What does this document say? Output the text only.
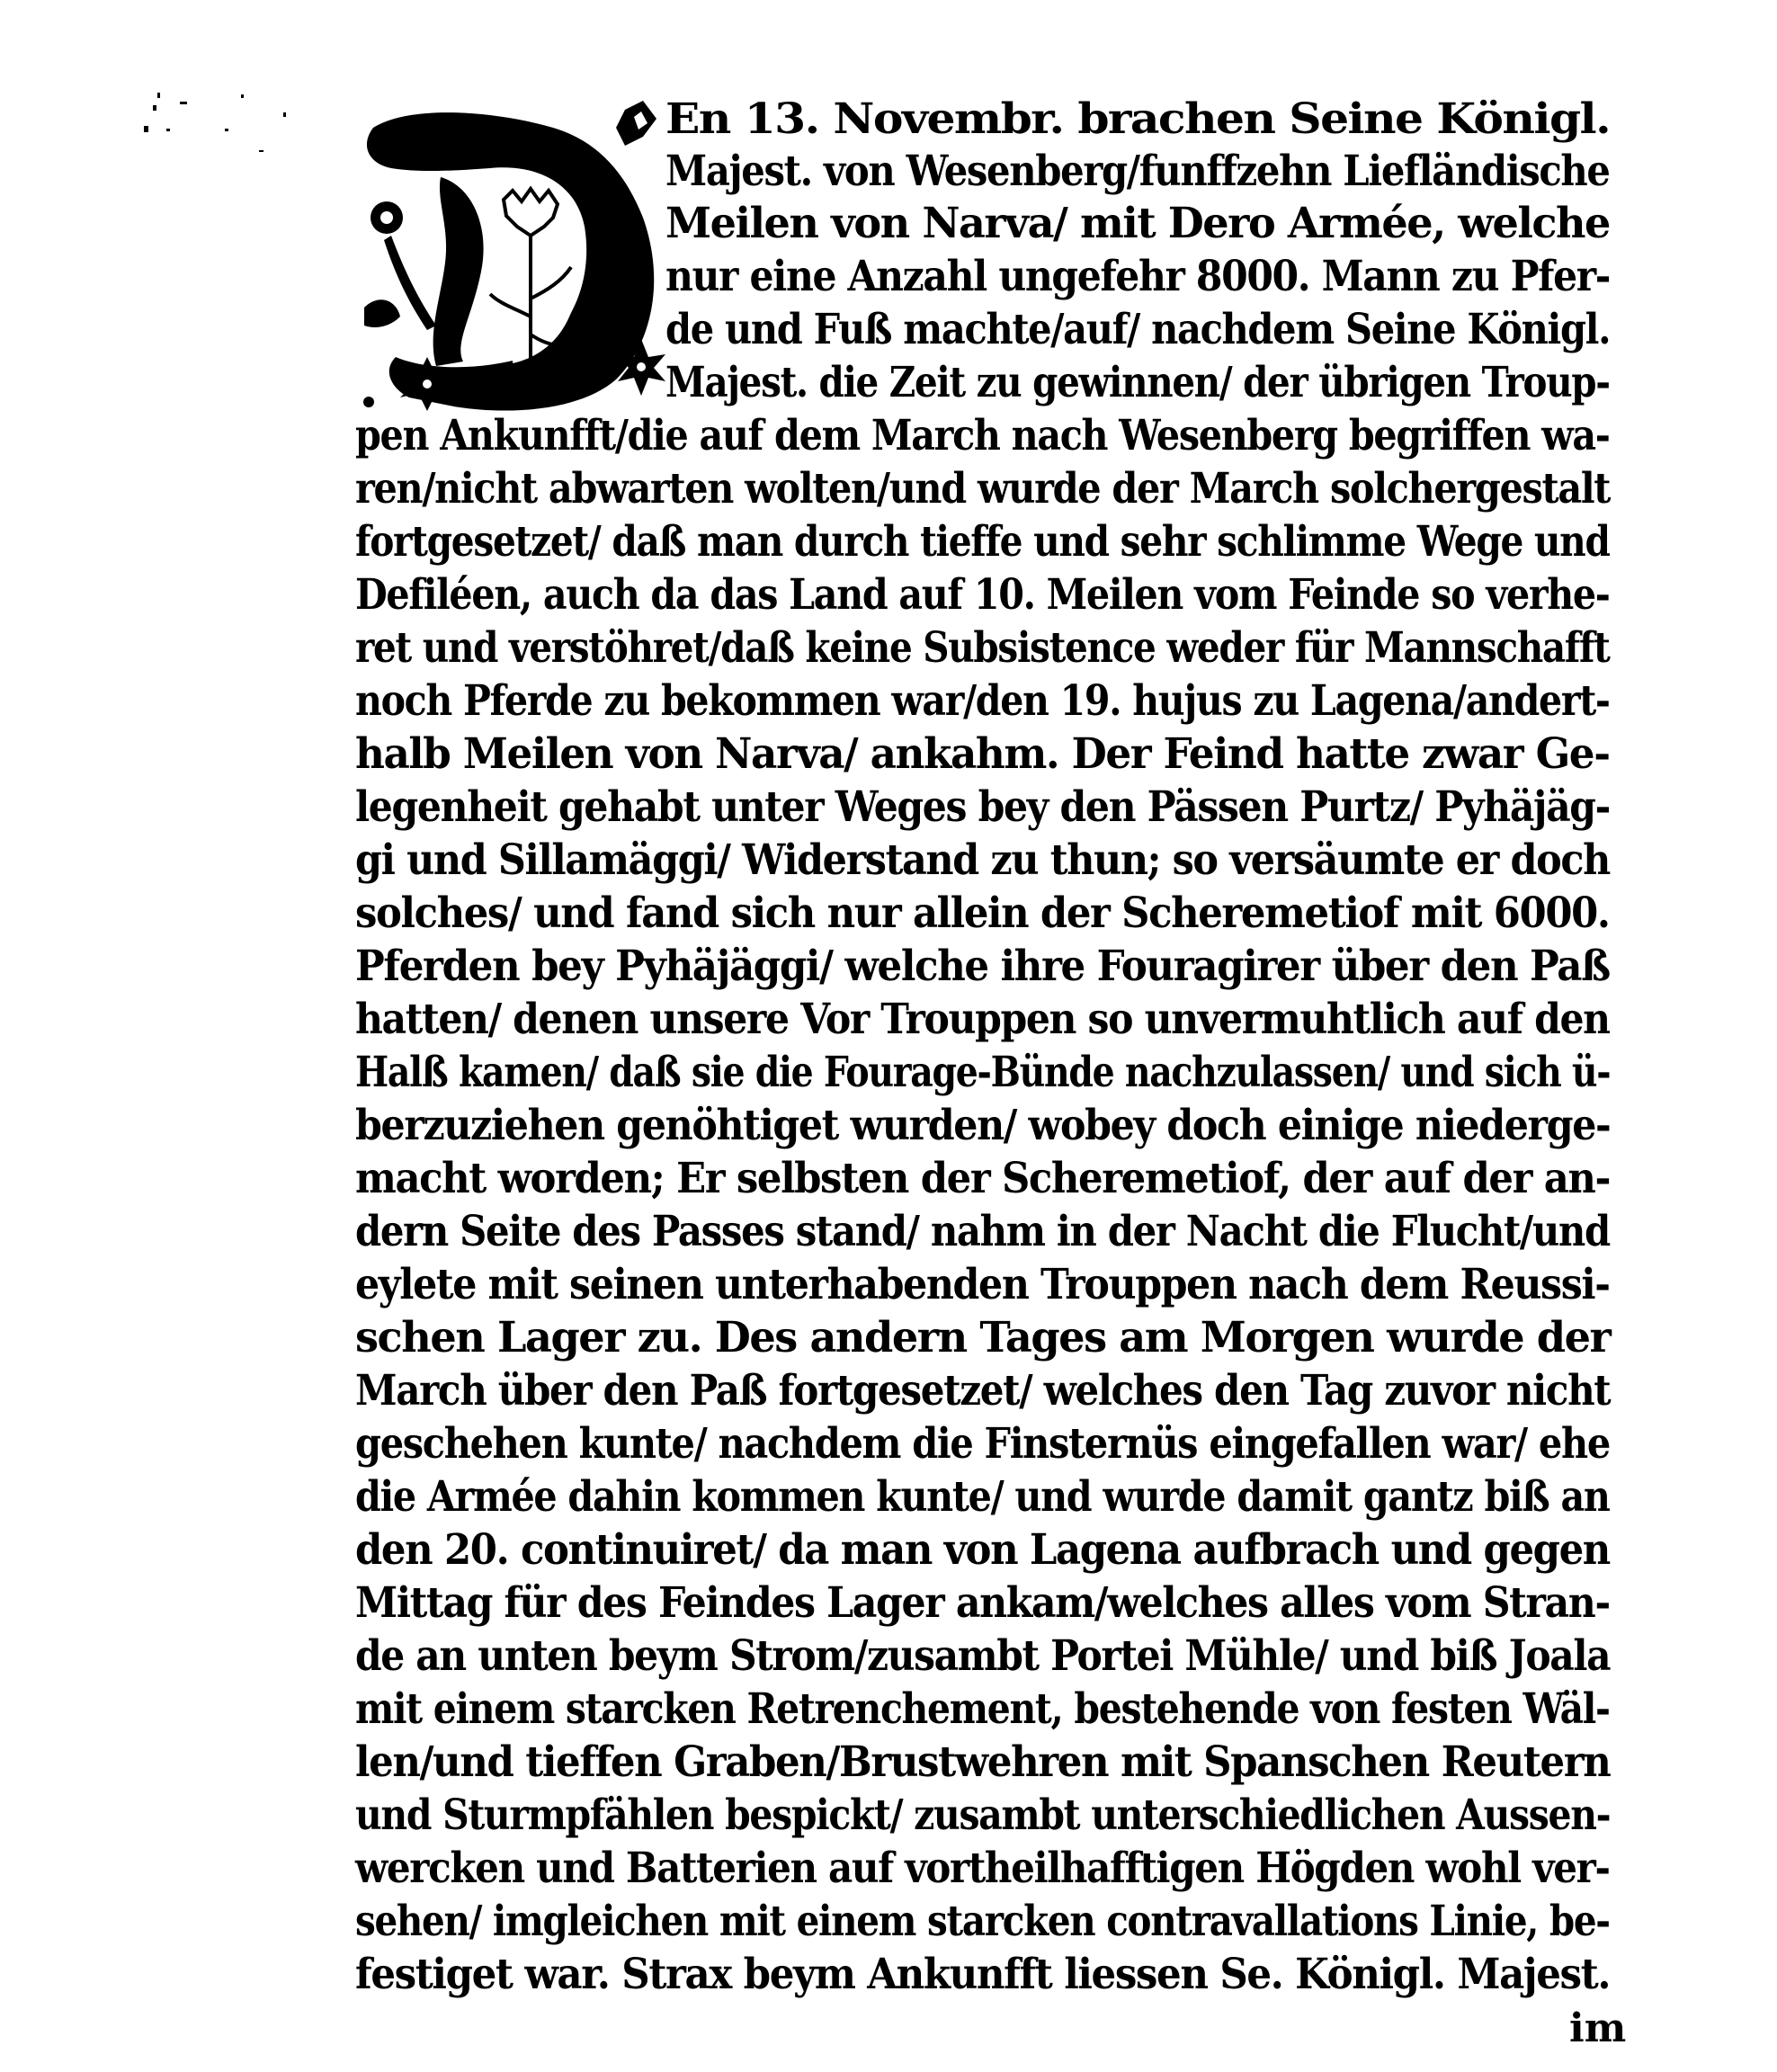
En 13. Novembr. brachen Seine Königl.
Majest. von Wesenberg/funffzehn Liefländische
Meilen von Narva/ mit Dero Armée, welche
nur eine Anzahl ungefehr 8000. Mann zu Pfer-
de und Fuß machte/auf/ nachdem Seine Königl.
Majest. die Zeit zu gewinnen/ der übrigen Troup-
pen Ankunfft/die auf dem March nach Wesenberg begriffen wa-
ren/nicht abwarten wolten/und wurde der March solchergestalt
fortgesetzet/ daß man durch tieffe und sehr schlimme Wege und
Defiléen, auch da das Land auf 10. Meilen vom Feinde so verhe-
ret und verstöhret/daß keine Subsistence weder für Mannschafft
noch Pferde zu bekommen war/den 19. hujus zu Lagena/andert-
halb Meilen von Narva/ ankahm. Der Feind hatte zwar Ge-
legenheit gehabt unter Weges bey den Pässen Purtz/ Pyhäjäg-
gi und Sillamäggi/ Widerstand zu thun; so versäumte er doch
solches/ und fand sich nur allein der Scheremetiof mit 6000.
Pferden bey Pyhäjäggi/ welche ihre Fouragirer über den Paß
hatten/ denen unsere Vor Trouppen so unvermuhtlich auf den
Halß kamen/ daß sie die Fourage-Bünde nachzulassen/ und sich ü-
berzuziehen genöhtiget wurden/ wobey doch einige niederge-
macht worden; Er selbsten der Scheremetiof, der auf der an-
dern Seite des Passes stand/ nahm in der Nacht die Flucht/und
eylete mit seinen unterhabenden Trouppen nach dem Reussi-
schen Lager zu. Des andern Tages am Morgen wurde der
March über den Paß fortgesetzet/ welches den Tag zuvor nicht
geschehen kunte/ nachdem die Finsternüs eingefallen war/ ehe
die Armée dahin kommen kunte/ und wurde damit gantz biß an
den 20. continuiret/ da man von Lagena aufbrach und gegen
Mittag für des Feindes Lager ankam/welches alles vom Stran-
de an unten beym Strom/zusambt Portei Mühle/ und biß Joala
mit einem starcken Retrenchement, bestehende von festen Wäl-
len/und tieffen Graben/Brustwehren mit Spanschen Reutern
und Sturmpfählen bespickt/ zusambt unterschiedlichen Aussen-
wercken und Batterien auf vortheilhafftigen Högden wohl ver-
sehen/ imgleichen mit einem starcken contravallations Linie, be-
festiget war. Strax beym Ankunfft liessen Se. Königl. Majest.
im
